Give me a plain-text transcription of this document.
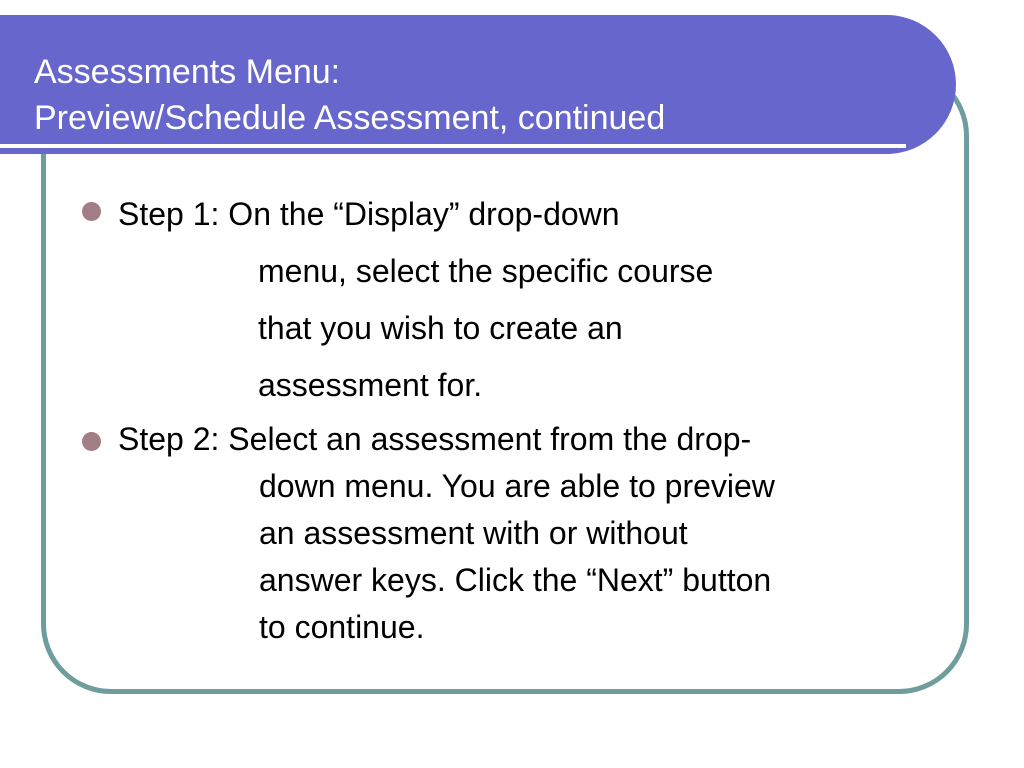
Assessments Menu:
Preview/Schedule Assessment, continued
Step 1: On the “Display” drop-down
menu, select the specific course
that you wish to create an
assessment for.
Step 2: Select an assessment from the drop-
down menu. You are able to preview
an assessment with or without
answer keys. Click the “Next” button
to continue.
